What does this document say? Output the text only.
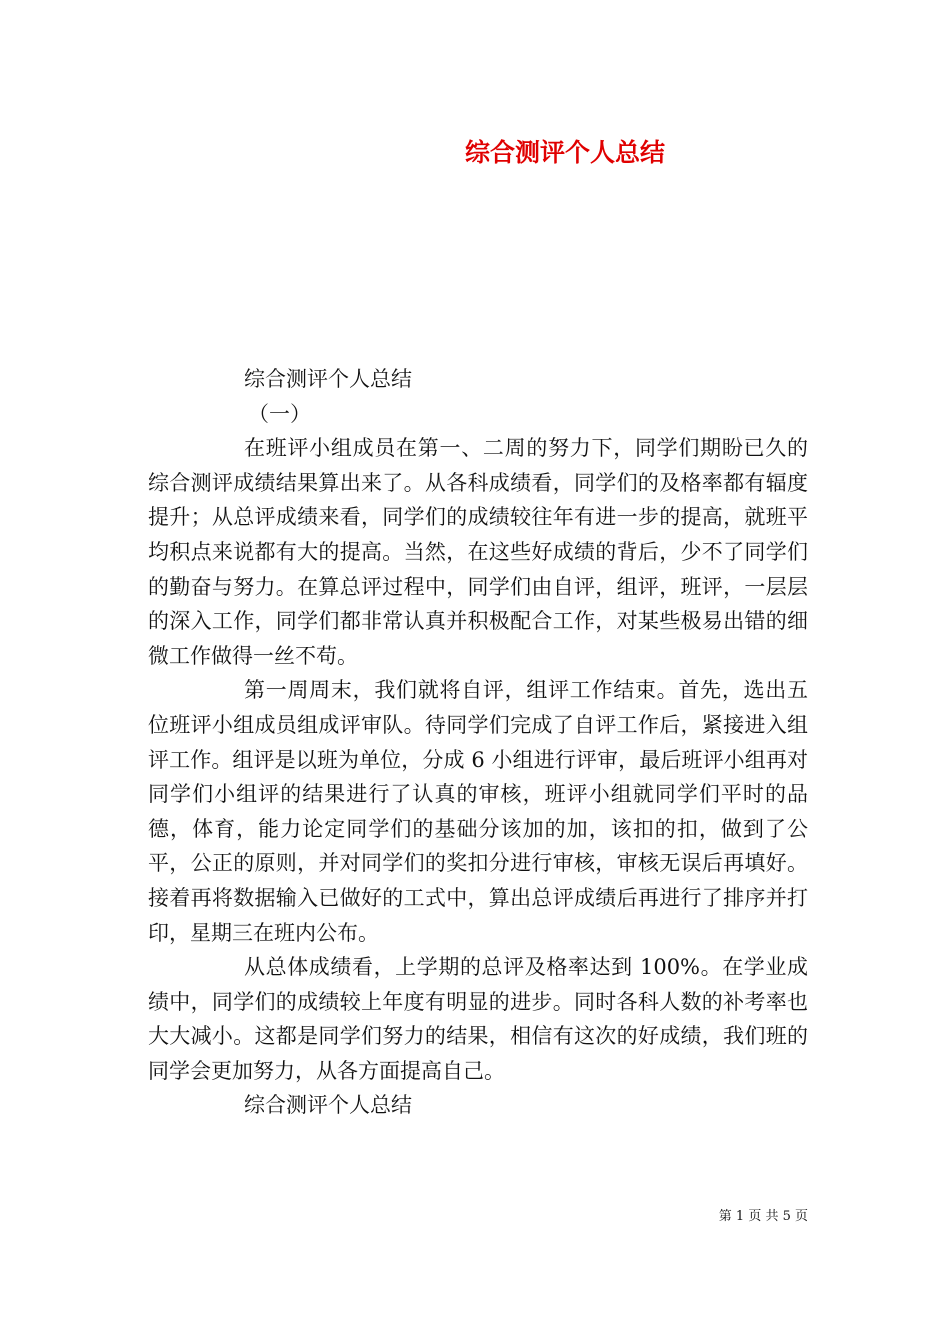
综合测评个人总结

综合测评个人总结

（一）

在班评小组成员在第一、二周的努力下，同学们期盼已久的综合测评成绩结果算出来了。从各科成绩看，同学们的及格率都有辐度提升；从总评成绩来看，同学们的成绩较往年有进一步的提高，就班平均积点来说都有大的提高。当然，在这些好成绩的背后，少不了同学们的勤奋与努力。在算总评过程中，同学们由自评，组评，班评，一层层的深入工作，同学们都非常认真并积极配合工作，对某些极易出错的细微工作做得一丝不苟。

第一周周末，我们就将自评，组评工作结束。首先，选出五位班评小组成员组成评审队。待同学们完成了自评工作后，紧接进入组评工作。组评是以班为单位，分成 6 小组进行评审，最后班评小组再对同学们小组评的结果进行了认真的审核，班评小组就同学们平时的品德，体育，能力论定同学们的基础分该加的加，该扣的扣，做到了公平，公正的原则，并对同学们的奖扣分进行审核，审核无误后再填好。接着再将数据输入已做好的工式中，算出总评成绩后再进行了排序并打印，星期三在班内公布。

从总体成绩看，上学期的总评及格率达到 100%。在学业成绩中，同学们的成绩较上年度有明显的进步。同时各科人数的补考率也大大减小。这都是同学们努力的结果，相信有这次的好成绩，我们班的同学会更加努力，从各方面提高自己。

综合测评个人总结

第 1 页 共 5 页
